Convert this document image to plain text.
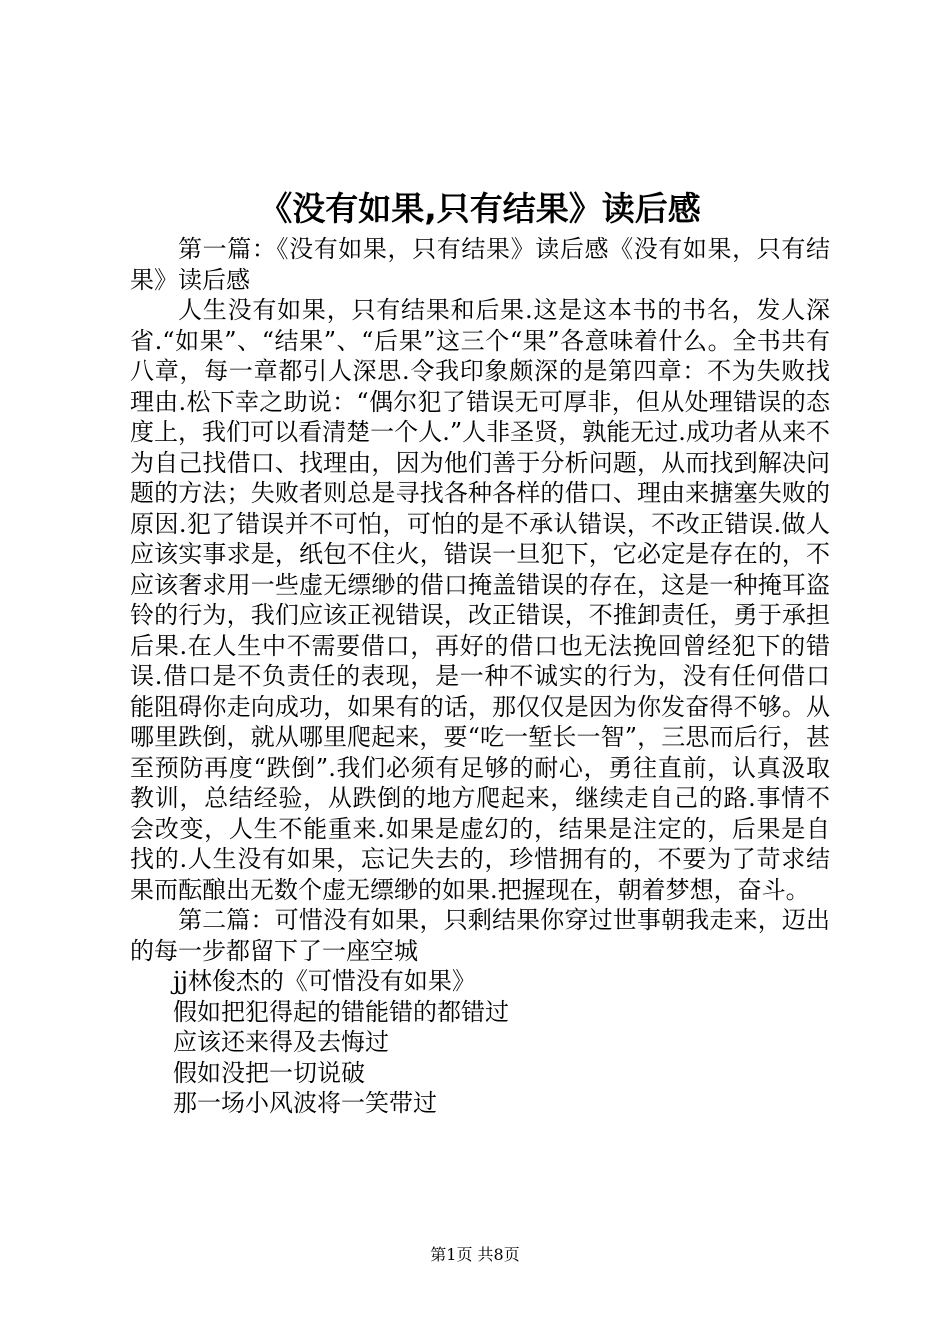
《没有如果,只有结果》读后感

第一篇：《没有如果，只有结果》读后感《没有如果，只有结果》读后感

人生没有如果，只有结果和后果.这是这本书的书名，发人深省.“如果”、“结果”、“后果”这三个“果”各意味着什么。全书共有八章，每一章都引人深思.令我印象颇深的是第四章：不为失败找理由.松下幸之助说：“偶尔犯了错误无可厚非，但从处理错误的态度上，我们可以看清楚一个人.”人非圣贤，孰能无过.成功者从来不为自己找借口、找理由，因为他们善于分析问题，从而找到解决问题的方法；失败者则总是寻找各种各样的借口、理由来搪塞失败的原因.犯了错误并不可怕，可怕的是不承认错误，不改正错误.做人应该实事求是，纸包不住火，错误一旦犯下，它必定是存在的，不应该奢求用一些虚无缥缈的借口掩盖错误的存在，这是一种掩耳盗铃的行为，我们应该正视错误，改正错误，不推卸责任，勇于承担后果.在人生中不需要借口，再好的借口也无法挽回曾经犯下的错误.借口是不负责任的表现，是一种不诚实的行为，没有任何借口能阻碍你走向成功，如果有的话，那仅仅是因为你发奋得不够。从哪里跌倒，就从哪里爬起来，要“吃一堑长一智”，三思而后行，甚至预防再度“跌倒”.我们必须有足够的耐心，勇往直前，认真汲取教训，总结经验，从跌倒的地方爬起来，继续走自己的路.事情不会改变，人生不能重来.如果是虚幻的，结果是注定的，后果是自找的.人生没有如果，忘记失去的，珍惜拥有的，不要为了苛求结果而酝酿出无数个虚无缥缈的如果.把握现在，朝着梦想，奋斗。

第二篇：可惜没有如果，只剩结果你穿过世事朝我走来，迈出的每一步都留下了一座空城

jj林俊杰的《可惜没有如果》
假如把犯得起的错能错的都错过
应该还来得及去悔过
假如没把一切说破
那一场小风波将一笑带过
第1页 共8页
